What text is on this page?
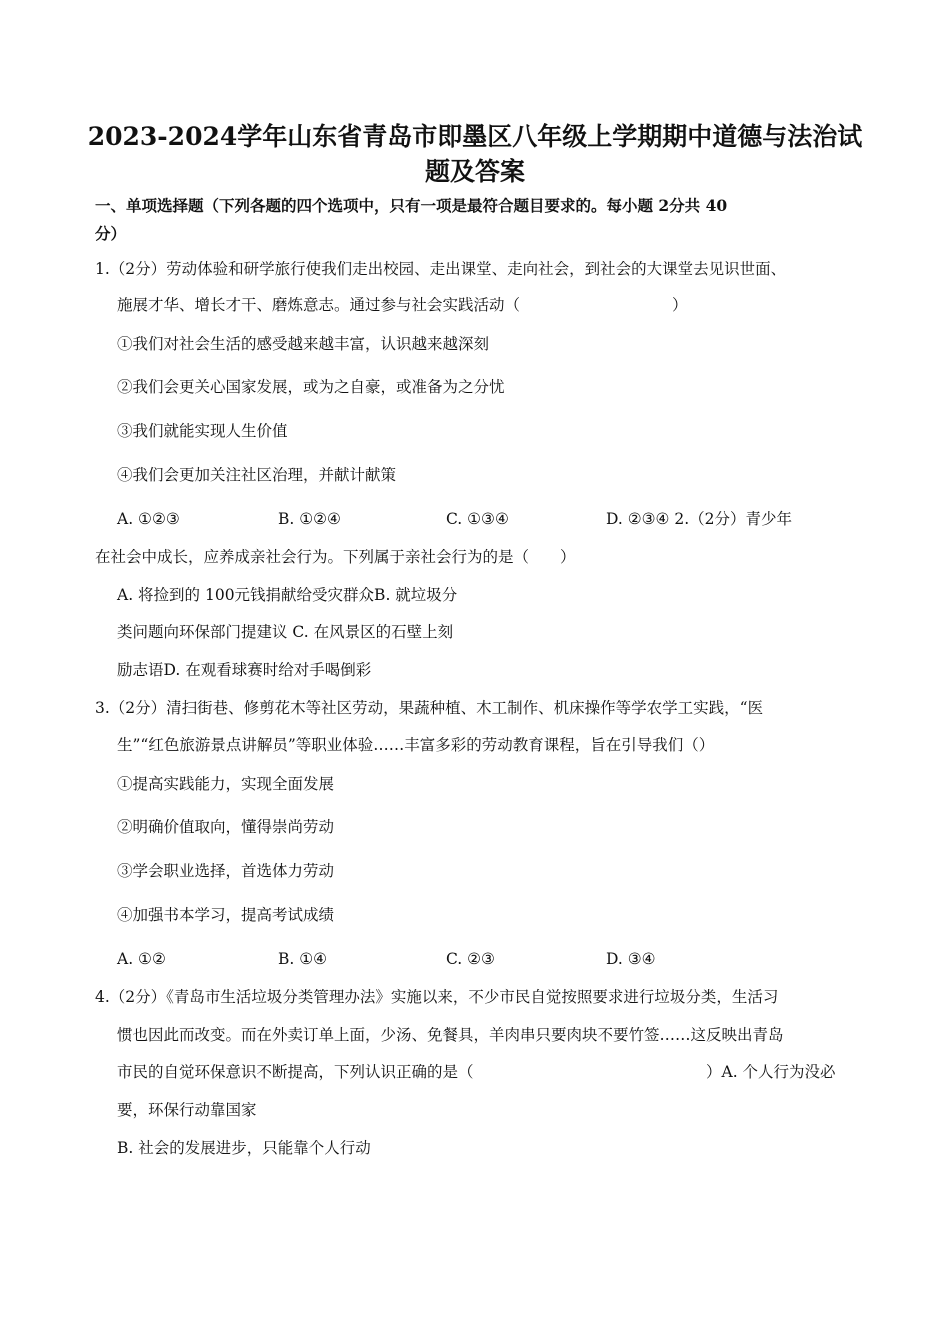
2023-2024学年山东省青岛市即墨区八年级上学期期中道德与法治试
题及答案

一、单项选择题（下列各题的四个选项中，只有一项是最符合题目要求的。每小题 2分共 40

分）

1.（2分）劳动体验和研学旅行使我们走出校园、走出课堂、走向社会，到社会的大课堂去见识世面、

施展才华、增长才干、磨炼意志。通过参与社会实践活动（	）

①我们对社会生活的感受越来越丰富，认识越来越深刻

②我们会更关心国家发展，或为之自豪，或准备为之分忧

③我们就能实现人生价值

④我们会更加关注社区治理，并献计献策

A. ①②③	B. ①②④	C. ①③④	D. ②③④ 2.（2分）青少年

在社会中成长，应养成亲社会行为。下列属于亲社会行为的是（　　）

A. 将捡到的 100元钱捐献给受灾群众B. 就垃圾分

类问题向环保部门提建议 C. 在风景区的石壁上刻

励志语D. 在观看球赛时给对手喝倒彩

3.（2分）清扫街巷、修剪花木等社区劳动，果蔬种植、木工制作、机床操作等学农学工实践，“医

生”“红色旅游景点讲解员”等职业体验……丰富多彩的劳动教育课程，旨在引导我们（）

①提高实践能力，实现全面发展

②明确价值取向，懂得崇尚劳动

③学会职业选择，首选体力劳动

④加强书本学习，提高考试成绩

A. ①②	B. ①④	C. ②③	D. ③④

4.（2分）《青岛市生活垃圾分类管理办法》实施以来，不少市民自觉按照要求进行垃圾分类，生活习

惯也因此而改变。而在外卖订单上面，少汤、免餐具，羊肉串只要肉块不要竹签……这反映出青岛

市民的自觉环保意识不断提高，下列认识正确的是（	）A. 个人行为没必

要，环保行动靠国家

B. 社会的发展进步，只能靠个人行动
